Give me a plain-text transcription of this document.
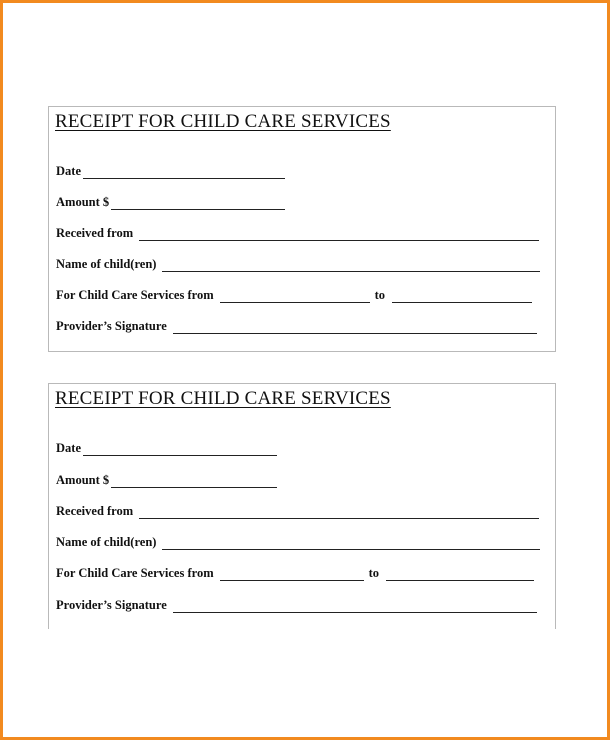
RECEIPT FOR CHILD CARE SERVICES
Date
Amount $
Received from
Name of child(ren)
For Child Care Services from	to
Provider’s Signature
RECEIPT FOR CHILD CARE SERVICES
Date
Amount $
Received from
Name of child(ren)
For Child Care Services from	to
Provider’s Signature
